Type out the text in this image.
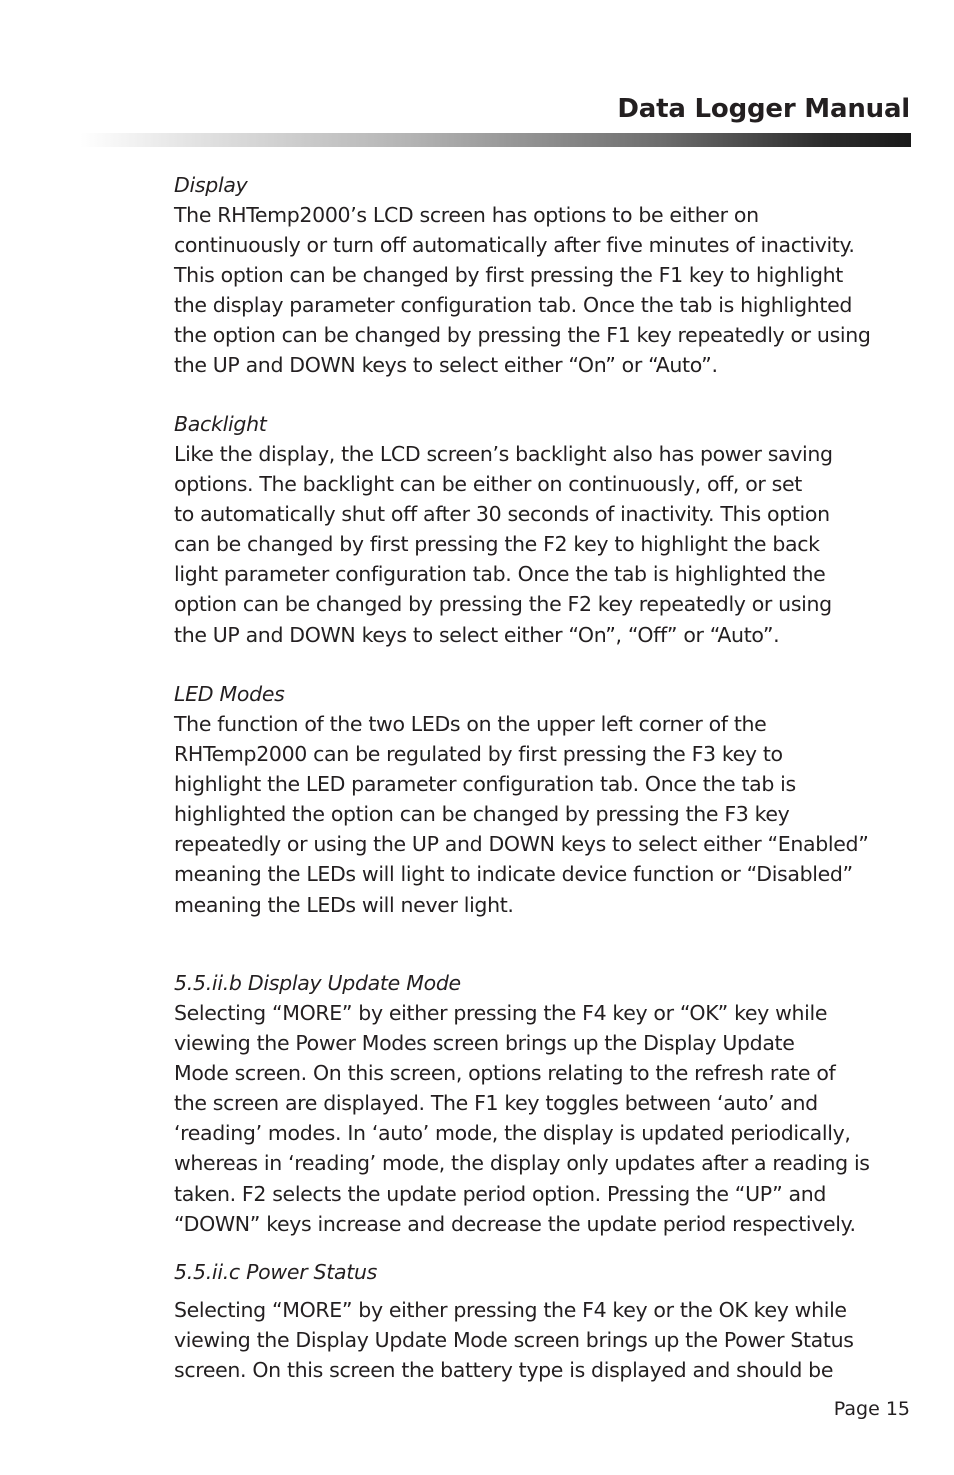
Data Logger Manual
Display
The RHTemp2000’s LCD screen has options to be either on
continuously or turn off automatically after five minutes of inactivity.
This option can be changed by first pressing the F1 key to highlight
the display parameter configuration tab. Once the tab is highlighted
the option can be changed by pressing the F1 key repeatedly or using
the UP and DOWN keys to select either “On” or “Auto”.
Backlight
Like the display, the LCD screen’s backlight also has power saving
options. The backlight can be either on continuously, off, or set
to automatically shut off after 30 seconds of inactivity. This option
can be changed by first pressing the F2 key to highlight the back
light parameter configuration tab. Once the tab is highlighted the
option can be changed by pressing the F2 key repeatedly or using
the UP and DOWN keys to select either “On”, “Off” or “Auto”.
LED Modes
The function of the two LEDs on the upper left corner of the
RHTemp2000 can be regulated by first pressing the F3 key to
highlight the LED parameter configuration tab. Once the tab is
highlighted the option can be changed by pressing the F3 key
repeatedly or using the UP and DOWN keys to select either “Enabled”
meaning the LEDs will light to indicate device function or “Disabled”
meaning the LEDs will never light.
5.5.ii.b Display Update Mode
Selecting “MORE” by either pressing the F4 key or “OK” key while
viewing the Power Modes screen brings up the Display Update
Mode screen. On this screen, options relating to the refresh rate of
the screen are displayed. The F1 key toggles between ‘auto’ and
‘reading’ modes. In ‘auto’ mode, the display is updated periodically,
whereas in ‘reading’ mode, the display only updates after a reading is
taken. F2 selects the update period option. Pressing the “UP” and
“DOWN” keys increase and decrease the update period respectively.
5.5.ii.c Power Status
Selecting “MORE” by either pressing the F4 key or the OK key while
viewing the Display Update Mode screen brings up the Power Status
screen. On this screen the battery type is displayed and should be
Page 15
